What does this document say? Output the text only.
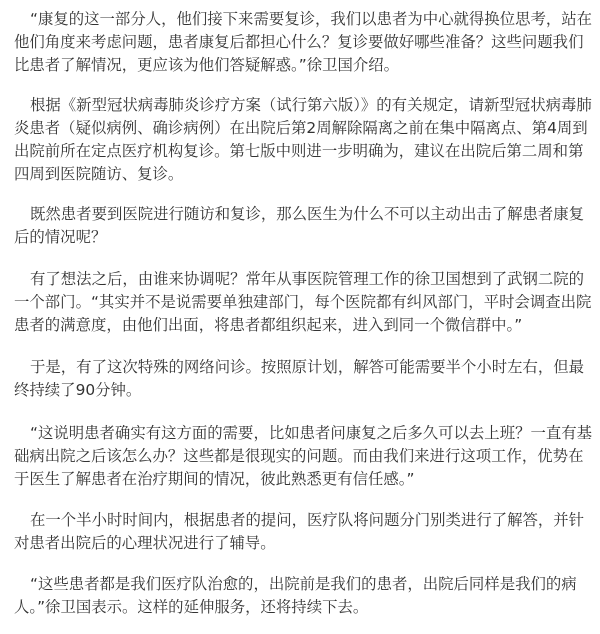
“康复的这一部分人，他们接下来需要复诊，我们以患者为中心就得换位思考，站在他们角度来考虑问题，患者康复后都担心什么？复诊要做好哪些准备？这些问题我们比患者了解情况，更应该为他们答疑解惑。”徐卫国介绍。

根据《新型冠状病毒肺炎诊疗方案（试行第六版）》的有关规定，请新型冠状病毒肺炎患者（疑似病例、确诊病例）在出院后第2周解除隔离之前在集中隔离点、第4周到出院前所在定点医疗机构复诊。第七版中则进一步明确为，建议在出院后第二周和第四周到医院随访、复诊。

既然患者要到医院进行随访和复诊，那么医生为什么不可以主动出击了解患者康复后的情况呢？

有了想法之后，由谁来协调呢？常年从事医院管理工作的徐卫国想到了武钢二院的一个部门。“其实并不是说需要单独建部门，每个医院都有纠风部门，平时会调查出院患者的满意度，由他们出面，将患者都组织起来，进入到同一个微信群中。”

于是，有了这次特殊的网络问诊。按照原计划，解答可能需要半个小时左右，但最终持续了90分钟。

“这说明患者确实有这方面的需要，比如患者问康复之后多久可以去上班？一直有基础病出院之后该怎么办？这些都是很现实的问题。而由我们来进行这项工作，优势在于医生了解患者在治疗期间的情况，彼此熟悉更有信任感。”

在一个半小时时间内，根据患者的提问，医疗队将问题分门别类进行了解答，并针对患者出院后的心理状况进行了辅导。

“这些患者都是我们医疗队治愈的，出院前是我们的患者，出院后同样是我们的病人。”徐卫国表示。这样的延伸服务，还将持续下去。
